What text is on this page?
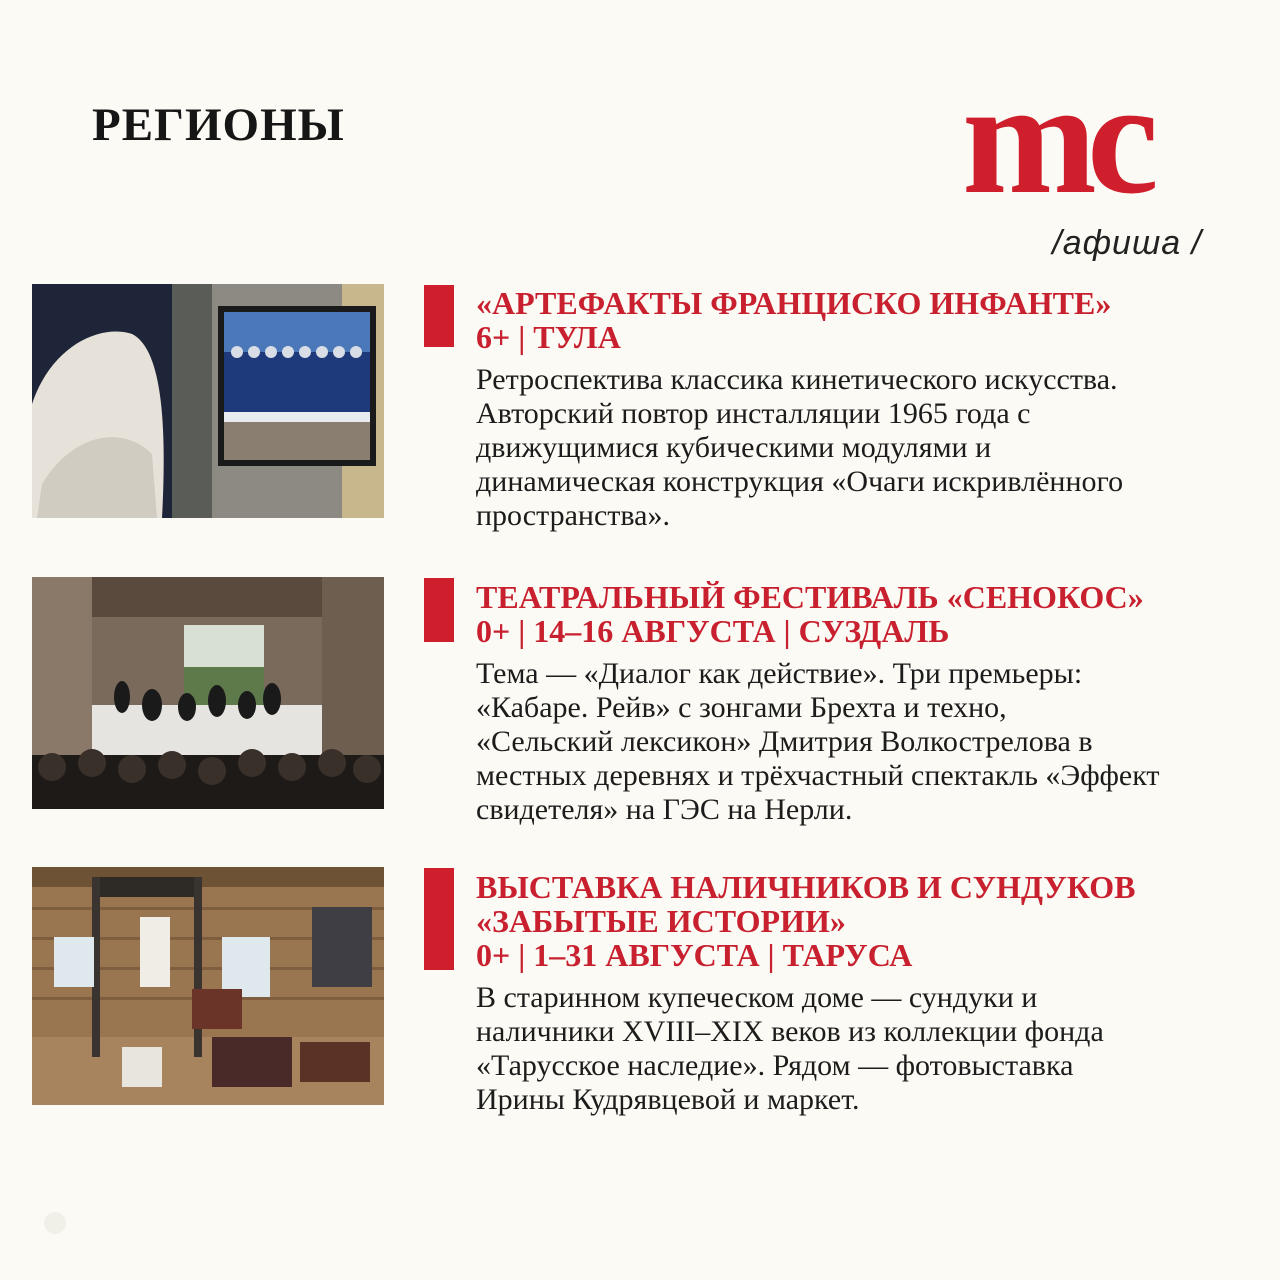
РЕГИОНЫ	mc
/афиша /
«АРТЕФАКТЫ ФРАНЦИСКО ИНФАНТЕ»
6+ | ТУЛА
Ретроспектива классика кинетического искусства.
Авторский повтор инсталляции 1965 года с
движущимися кубическими модулями и
динамическая конструкция «Очаги искривлённого
пространства».
ТЕАТРАЛЬНЫЙ ФЕСТИВАЛЬ «СЕНОКОС»
0+ | 14–16 АВГУСТА | СУЗДАЛЬ
Тема — «Диалог как действие». Три премьеры:
«Кабаре. Рейв» с зонгами Брехта и техно,
«Сельский лексикон» Дмитрия Волкострелова в
местных деревнях и трёхчастный спектакль «Эффект
свидетеля» на ГЭС на Нерли.
ВЫСТАВКА НАЛИЧНИКОВ И СУНДУКОВ
«ЗАБЫТЫЕ ИСТОРИИ»
0+ | 1–31 АВГУСТА | ТАРУСА
В старинном купеческом доме — сундуки и
наличники XVIII–XIX веков из коллекции фонда
«Тарусское наследие». Рядом — фотовыставка
Ирины Кудрявцевой и маркет.
